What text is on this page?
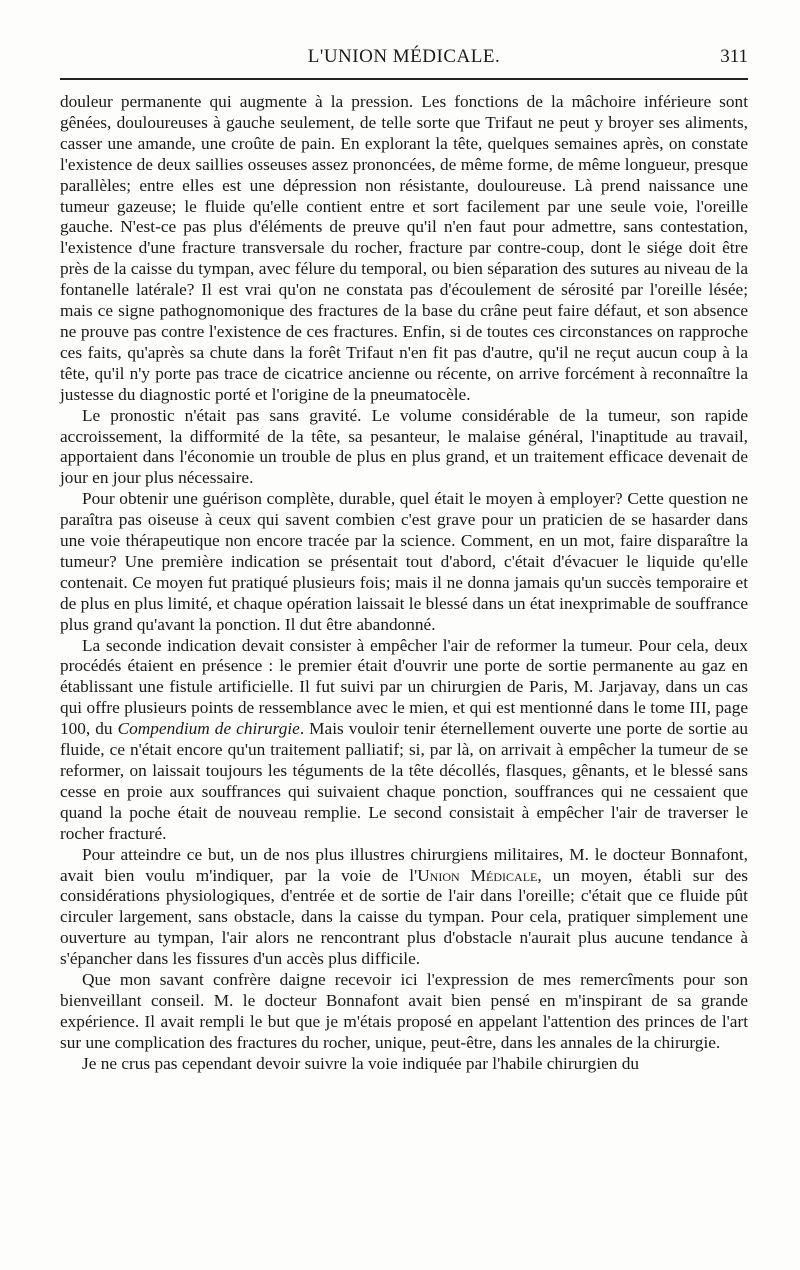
L'UNION MÉDICALE.	311

douleur permanente qui augmente à la pression. Les fonctions de la mâchoire inférieure sont gênées, douloureuses à gauche seulement, de telle sorte que Trifaut ne peut y broyer ses aliments, casser une amande, une croûte de pain. En explorant la tête, quelques semaines après, on constate l'existence de deux saillies osseuses assez prononcées, de même forme, de même longueur, presque parallèles; entre elles est une dépression non résistante, douloureuse. Là prend naissance une tumeur gazeuse; le fluide qu'elle contient entre et sort facilement par une seule voie, l'oreille gauche. N'est-ce pas plus d'éléments de preuve qu'il n'en faut pour admettre, sans contestation, l'existence d'une fracture transversale du rocher, fracture par contre-coup, dont le siége doit être près de la caisse du tympan, avec félure du temporal, ou bien séparation des sutures au niveau de la fontanelle latérale? Il est vrai qu'on ne constata pas d'écoulement de sérosité par l'oreille lésée; mais ce signe pathognomonique des fractures de la base du crâne peut faire défaut, et son absence ne prouve pas contre l'existence de ces fractures. Enfin, si de toutes ces circonstances on rapproche ces faits, qu'après sa chute dans la forêt Trifaut n'en fit pas d'autre, qu'il ne reçut aucun coup à la tête, qu'il n'y porte pas trace de cicatrice ancienne ou récente, on arrive forcément à reconnaître la justesse du diagnostic porté et l'origine de la pneumatocèle.

Le pronostic n'était pas sans gravité. Le volume considérable de la tumeur, son rapide accroissement, la difformité de la tête, sa pesanteur, le malaise général, l'inaptitude au travail, apportaient dans l'économie un trouble de plus en plus grand, et un traitement efficace devenait de jour en jour plus nécessaire.

Pour obtenir une guérison complète, durable, quel était le moyen à employer? Cette question ne paraîtra pas oiseuse à ceux qui savent combien c'est grave pour un praticien de se hasarder dans une voie thérapeutique non encore tracée par la science. Comment, en un mot, faire disparaître la tumeur? Une première indication se présentait tout d'abord, c'était d'évacuer le liquide qu'elle contenait. Ce moyen fut pratiqué plusieurs fois; mais il ne donna jamais qu'un succès temporaire et de plus en plus limité, et chaque opération laissait le blessé dans un état inexprimable de souffrance plus grand qu'avant la ponction. Il dut être abandonné.

La seconde indication devait consister à empêcher l'air de reformer la tumeur. Pour cela, deux procédés étaient en présence : le premier était d'ouvrir une porte de sortie permanente au gaz en établissant une fistule artificielle. Il fut suivi par un chirurgien de Paris, M. Jarjavay, dans un cas qui offre plusieurs points de ressemblance avec le mien, et qui est mentionné dans le tome III, page 100, du Compendium de chirurgie. Mais vouloir tenir éternellement ouverte une porte de sortie au fluide, ce n'était encore qu'un traitement palliatif; si, par là, on arrivait à empêcher la tumeur de se reformer, on laissait toujours les téguments de la tête décollés, flasques, gênants, et le blessé sans cesse en proie aux souffrances qui suivaient chaque ponction, souffrances qui ne cessaient que quand la poche était de nouveau remplie. Le second consistait à empêcher l'air de traverser le rocher fracturé.

Pour atteindre ce but, un de nos plus illustres chirurgiens militaires, M. le docteur Bonnafont, avait bien voulu m'indiquer, par la voie de l'Union Médicale, un moyen, établi sur des considérations physiologiques, d'entrée et de sortie de l'air dans l'oreille; c'était que ce fluide pût circuler largement, sans obstacle, dans la caisse du tympan. Pour cela, pratiquer simplement une ouverture au tympan, l'air alors ne rencontrant plus d'obstacle n'aurait plus aucune tendance à s'épancher dans les fissures d'un accès plus difficile.

Que mon savant confrère daigne recevoir ici l'expression de mes remercîments pour son bienveillant conseil. M. le docteur Bonnafont avait bien pensé en m'inspirant de sa grande expérience. Il avait rempli le but que je m'étais proposé en appelant l'attention des princes de l'art sur une complication des fractures du rocher, unique, peut-être, dans les annales de la chirurgie.

Je ne crus pas cependant devoir suivre la voie indiquée par l'habile chirurgien du
